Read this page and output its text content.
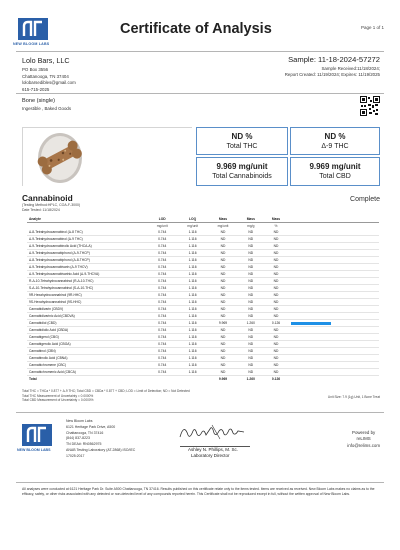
NEW BLOOM LABS
Certificate of Analysis	Page 1 of 1
Lolo Bars, LLC
PO Box 3556
Chattanooga, TN 37404
lolobarsedibles@gmail.com
615-715-2025
Sample: 11-18-2024-57272
Sample Received:11/18/2024;
Report Created: 11/19/2024; Expires: 11/19/2025
Bone (single)
Ingestible , Baked Goods
ND %
Total THC
ND %
Δ-9 THC
9.969 mg/unit
Total Cannabinoids
9.969 mg/unit
Total CBD
Cannabinoid
(Testing Method:HPLC, COA-F-3000)
Date Tested: 11/18/2024
Complete
Analyte	LOD	LOQ	Mass	Mass	Mass	
	mg/unit	mg/unit	mg/unit	mg/g	%	
Δ-8-Tetrahydrocannabinol (Δ-8 THC)	0.744	1.116	ND	ND	ND	
Δ-9-Tetrahydrocannabinol (Δ-9 THC)	0.744	1.116	ND	ND	ND	
Δ-9-Tetrahydrocannabinolic Acid (THCA-A)	0.744	1.116	ND	ND	ND	
Δ-9-Tetrahydrocannabiphorol (Δ-9-THCP)	0.744	1.116	ND	ND	ND	
Δ-8-Tetrahydrocannabiphorol (Δ-8-THCP)	0.744	1.116	ND	ND	ND	
Δ-9-Tetrahydrocannabivarin (Δ-9 THCV)	0.744	1.116	ND	ND	ND	
Δ-9-Tetrahydrocannabivarinic Acid (Δ-9-THCVA)	0.744	1.116	ND	ND	ND	
R-Δ-10-Tetrahydrocannabinol (R-Δ-10-THC)	0.744	1.116	ND	ND	ND	
S-Δ-10-Tetrahydrocannabinol (S-Δ-10-THC)	0.744	1.116	ND	ND	ND	
9R-Hexahydrocannabinol (9R-HHC)	0.744	1.116	ND	ND	ND	
9S-Hexahydrocannabinol (9S-HHC)	0.744	1.116	ND	ND	ND	
Cannabidivarin (CBDV)	0.744	1.116	ND	ND	ND	
Cannabidivarinic Acid (CBDVA)	0.744	1.116	ND	ND	ND	
Cannabidiol (CBD)	0.744	1.116	9.969	1.260	0.126	
Cannabidiolic Acid (CBDA)	0.744	1.116	ND	ND	ND	
Cannabigerol (CBG)	0.744	1.116	ND	ND	ND	
Cannabigerolic Acid (CBGA)	0.744	1.116	ND	ND	ND	
Cannabinol (CBN)	0.744	1.116	ND	ND	ND	
Cannabinolic Acid (CBNA)	0.744	1.116	ND	ND	ND	
Cannabichromene (CBC)	0.744	1.116	ND	ND	ND	
Cannabichromenic Acid (CBCA)	0.744	1.116	ND	ND	ND	
Total			9.969	1.260	0.126	
Total THC = THCa * 0.877 + Δ-9 THC; Total CBD = CBDa * 0.877 + CBD; LOD = Limit of Detection; ND = Not Detected
Total THC Measurement of Uncertainty = 0.0000%
Total CBD Measurement of Uncertainty = 0.0000%
Unit Size: 7.9 (1g) Unit, 1 Bone Treat
NEW BLOOM LABS
New Bloom Labs
6121 Heritage Park Drive, A500
Chattanooga, TN 37416
(844) 837-8223
TN DEA#: RN0562975
ANAB Testing Laboratory (AT-2868) ISO/IEC
17025:2017
Ashley N. Phillips, M. Sc.
Laboratory Director
Powered by
reLIMS
info@relims.com
All analyses were conducted at 6121 Heritage Park Dr. Suite A500 Chattanooga, TN 37416. Results published on this certificate relate only to the items tested. Items are received as received. New Bloom Labs makes no claims as to the efficacy, safety, or other risks associated with any detected or non-detected level of any compounds reported herein. This Certificate shall not be reproduced except in full, without the written approval of New Bloom Labs.
